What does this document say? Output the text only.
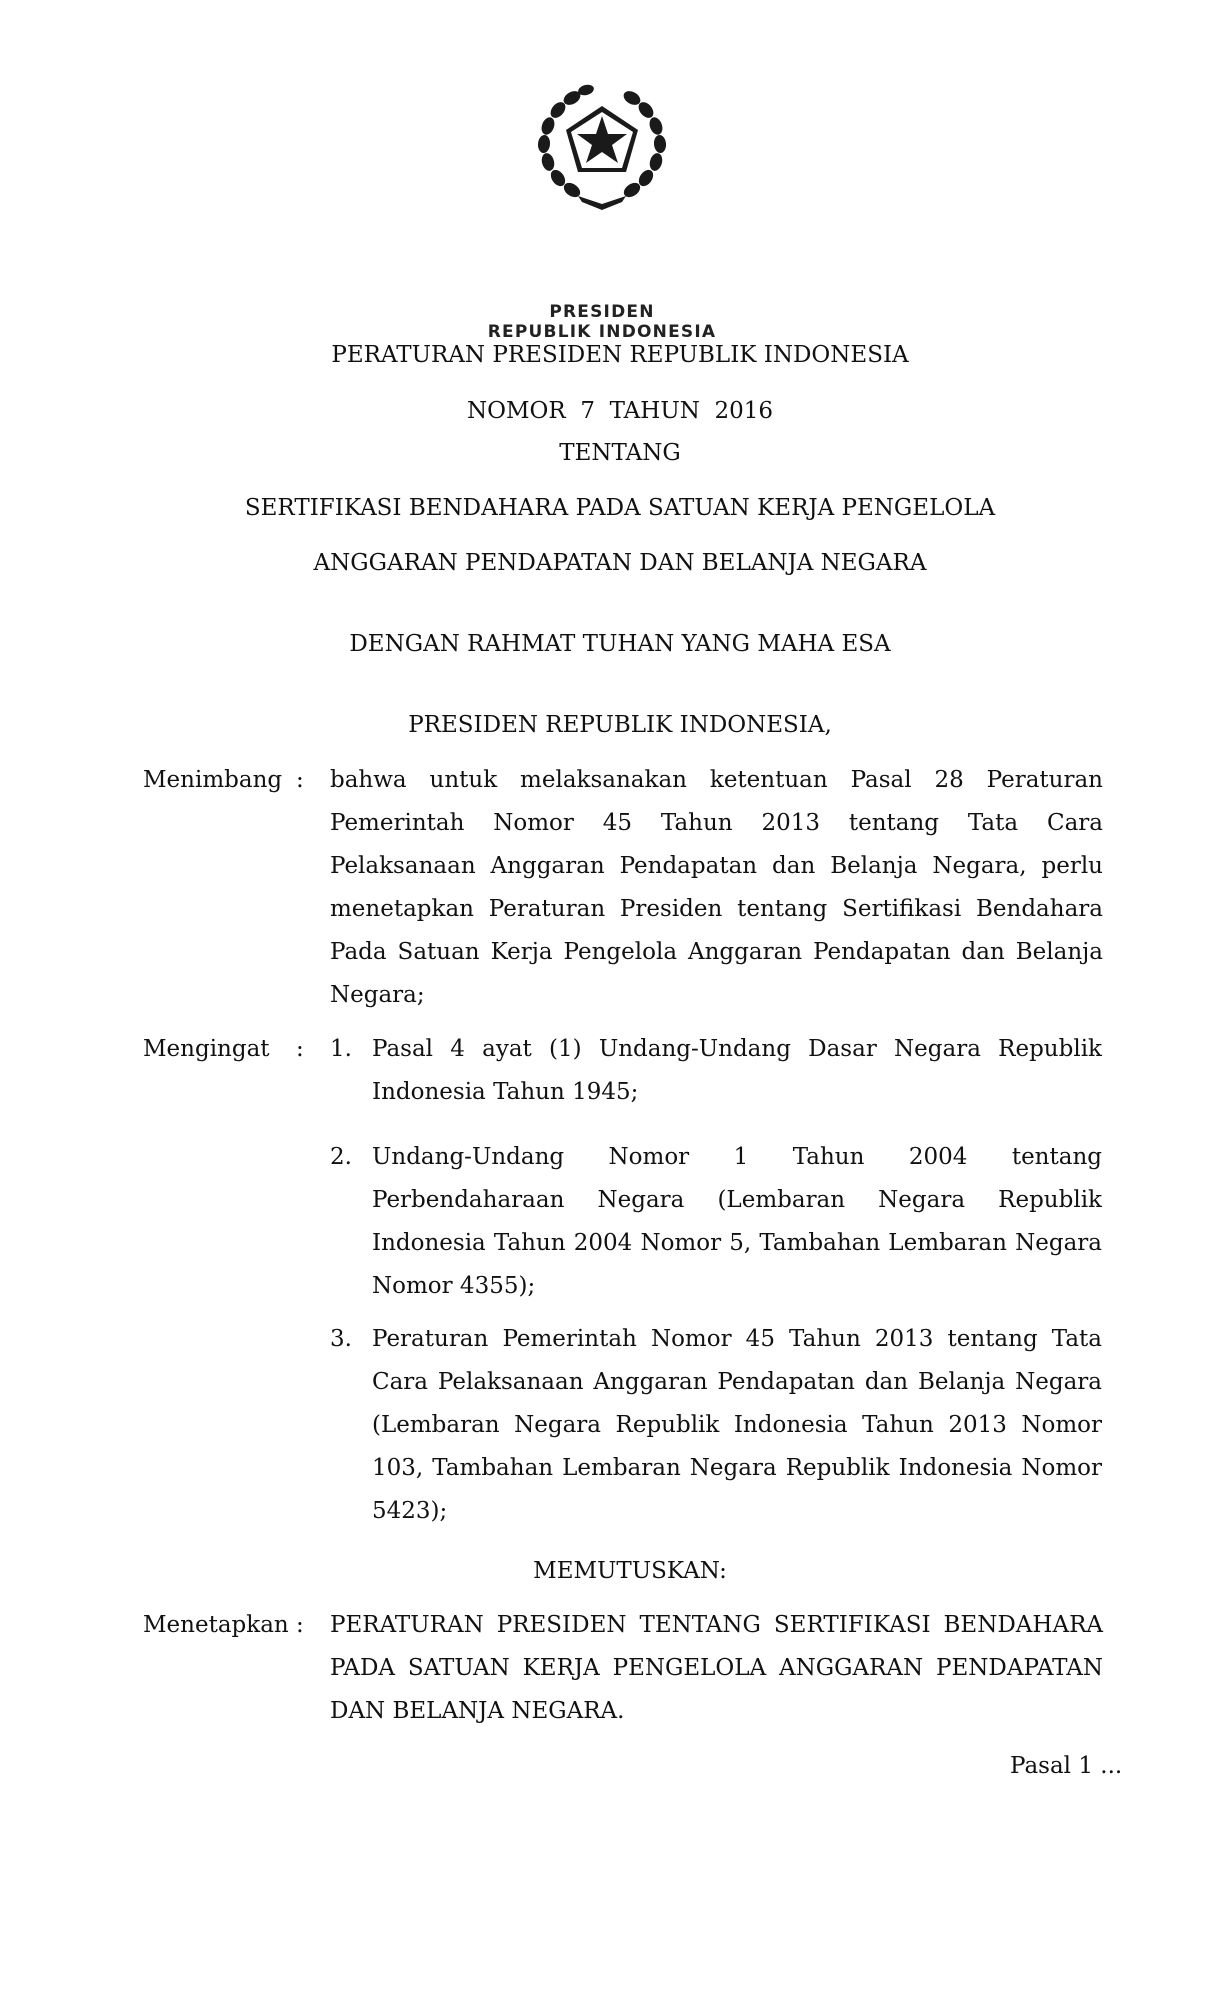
PRESIDEN
REPUBLIK INDONESIA
PERATURAN PRESIDEN REPUBLIK INDONESIA
NOMOR  7  TAHUN  2016
TENTANG
SERTIFIKASI BENDAHARA PADA SATUAN KERJA PENGELOLA
ANGGARAN PENDAPATAN DAN BELANJA NEGARA
DENGAN RAHMAT TUHAN YANG MAHA ESA
PRESIDEN REPUBLIK INDONESIA,
Menimbang : bahwa untuk melaksanakan ketentuan Pasal 28 Peraturan Pemerintah Nomor 45 Tahun 2013 tentang Tata Cara Pelaksanaan Anggaran Pendapatan dan Belanja Negara, perlu menetapkan Peraturan Presiden tentang Sertifikasi Bendahara Pada Satuan Kerja Pengelola Anggaran Pendapatan dan Belanja Negara;
Mengingat	: 1. Pasal 4 ayat (1) Undang-Undang Dasar Negara Republik Indonesia Tahun 1945;
2. Undang-Undang Nomor 1 Tahun 2004 tentang Perbendaharaan Negara (Lembaran Negara Republik Indonesia Tahun 2004 Nomor 5, Tambahan Lembaran Negara Nomor 4355);
3. Peraturan Pemerintah Nomor 45 Tahun 2013 tentang Tata Cara Pelaksanaan Anggaran Pendapatan dan Belanja Negara (Lembaran Negara Republik Indonesia Tahun 2013 Nomor 103, Tambahan Lembaran Negara Republik Indonesia Nomor 5423);
MEMUTUSKAN:
Menetapkan : PERATURAN PRESIDEN TENTANG SERTIFIKASI BENDAHARA PADA SATUAN KERJA PENGELOLA ANGGARAN PENDAPATAN DAN BELANJA NEGARA.
Pasal 1 ...
